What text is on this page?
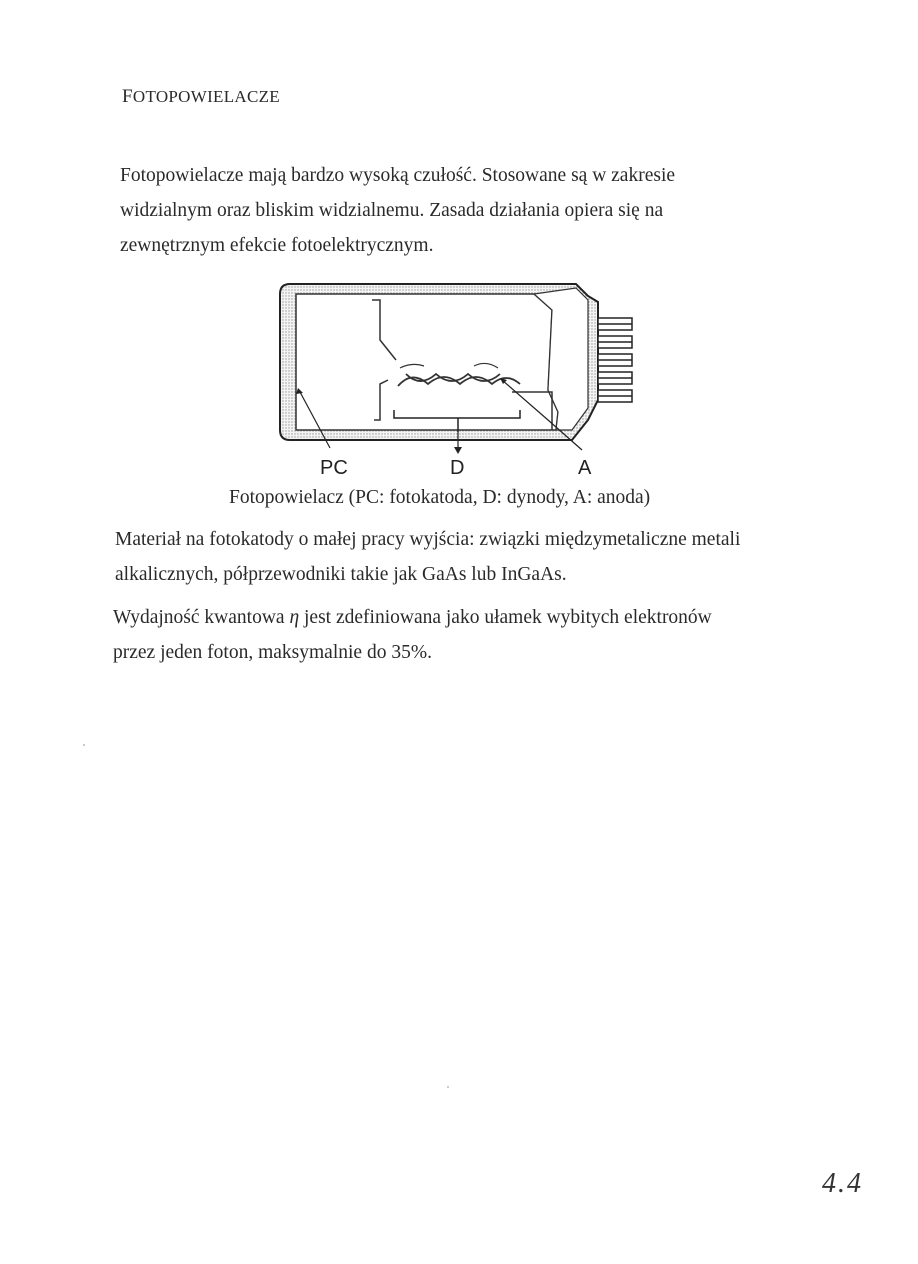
FOTOPOWIELACZE
Fotopowielacze mają bardzo wysoką czułość. Stosowane są w zakresie
widzialnym oraz bliskim widzialnemu. Zasada działania opiera się na
zewnętrznym efekcie fotoelektrycznym.
PC	D	A
Fotopowielacz (PC: fotokatoda, D: dynody, A: anoda)
Materiał na fotokatody o małej pracy wyjścia: związki międzymetaliczne metali
alkalicznych, półprzewodniki takie jak GaAs lub InGaAs.
Wydajność kwantowa η jest zdefiniowana jako ułamek wybitych elektronów
przez jeden foton, maksymalnie do 35%.
4.4
